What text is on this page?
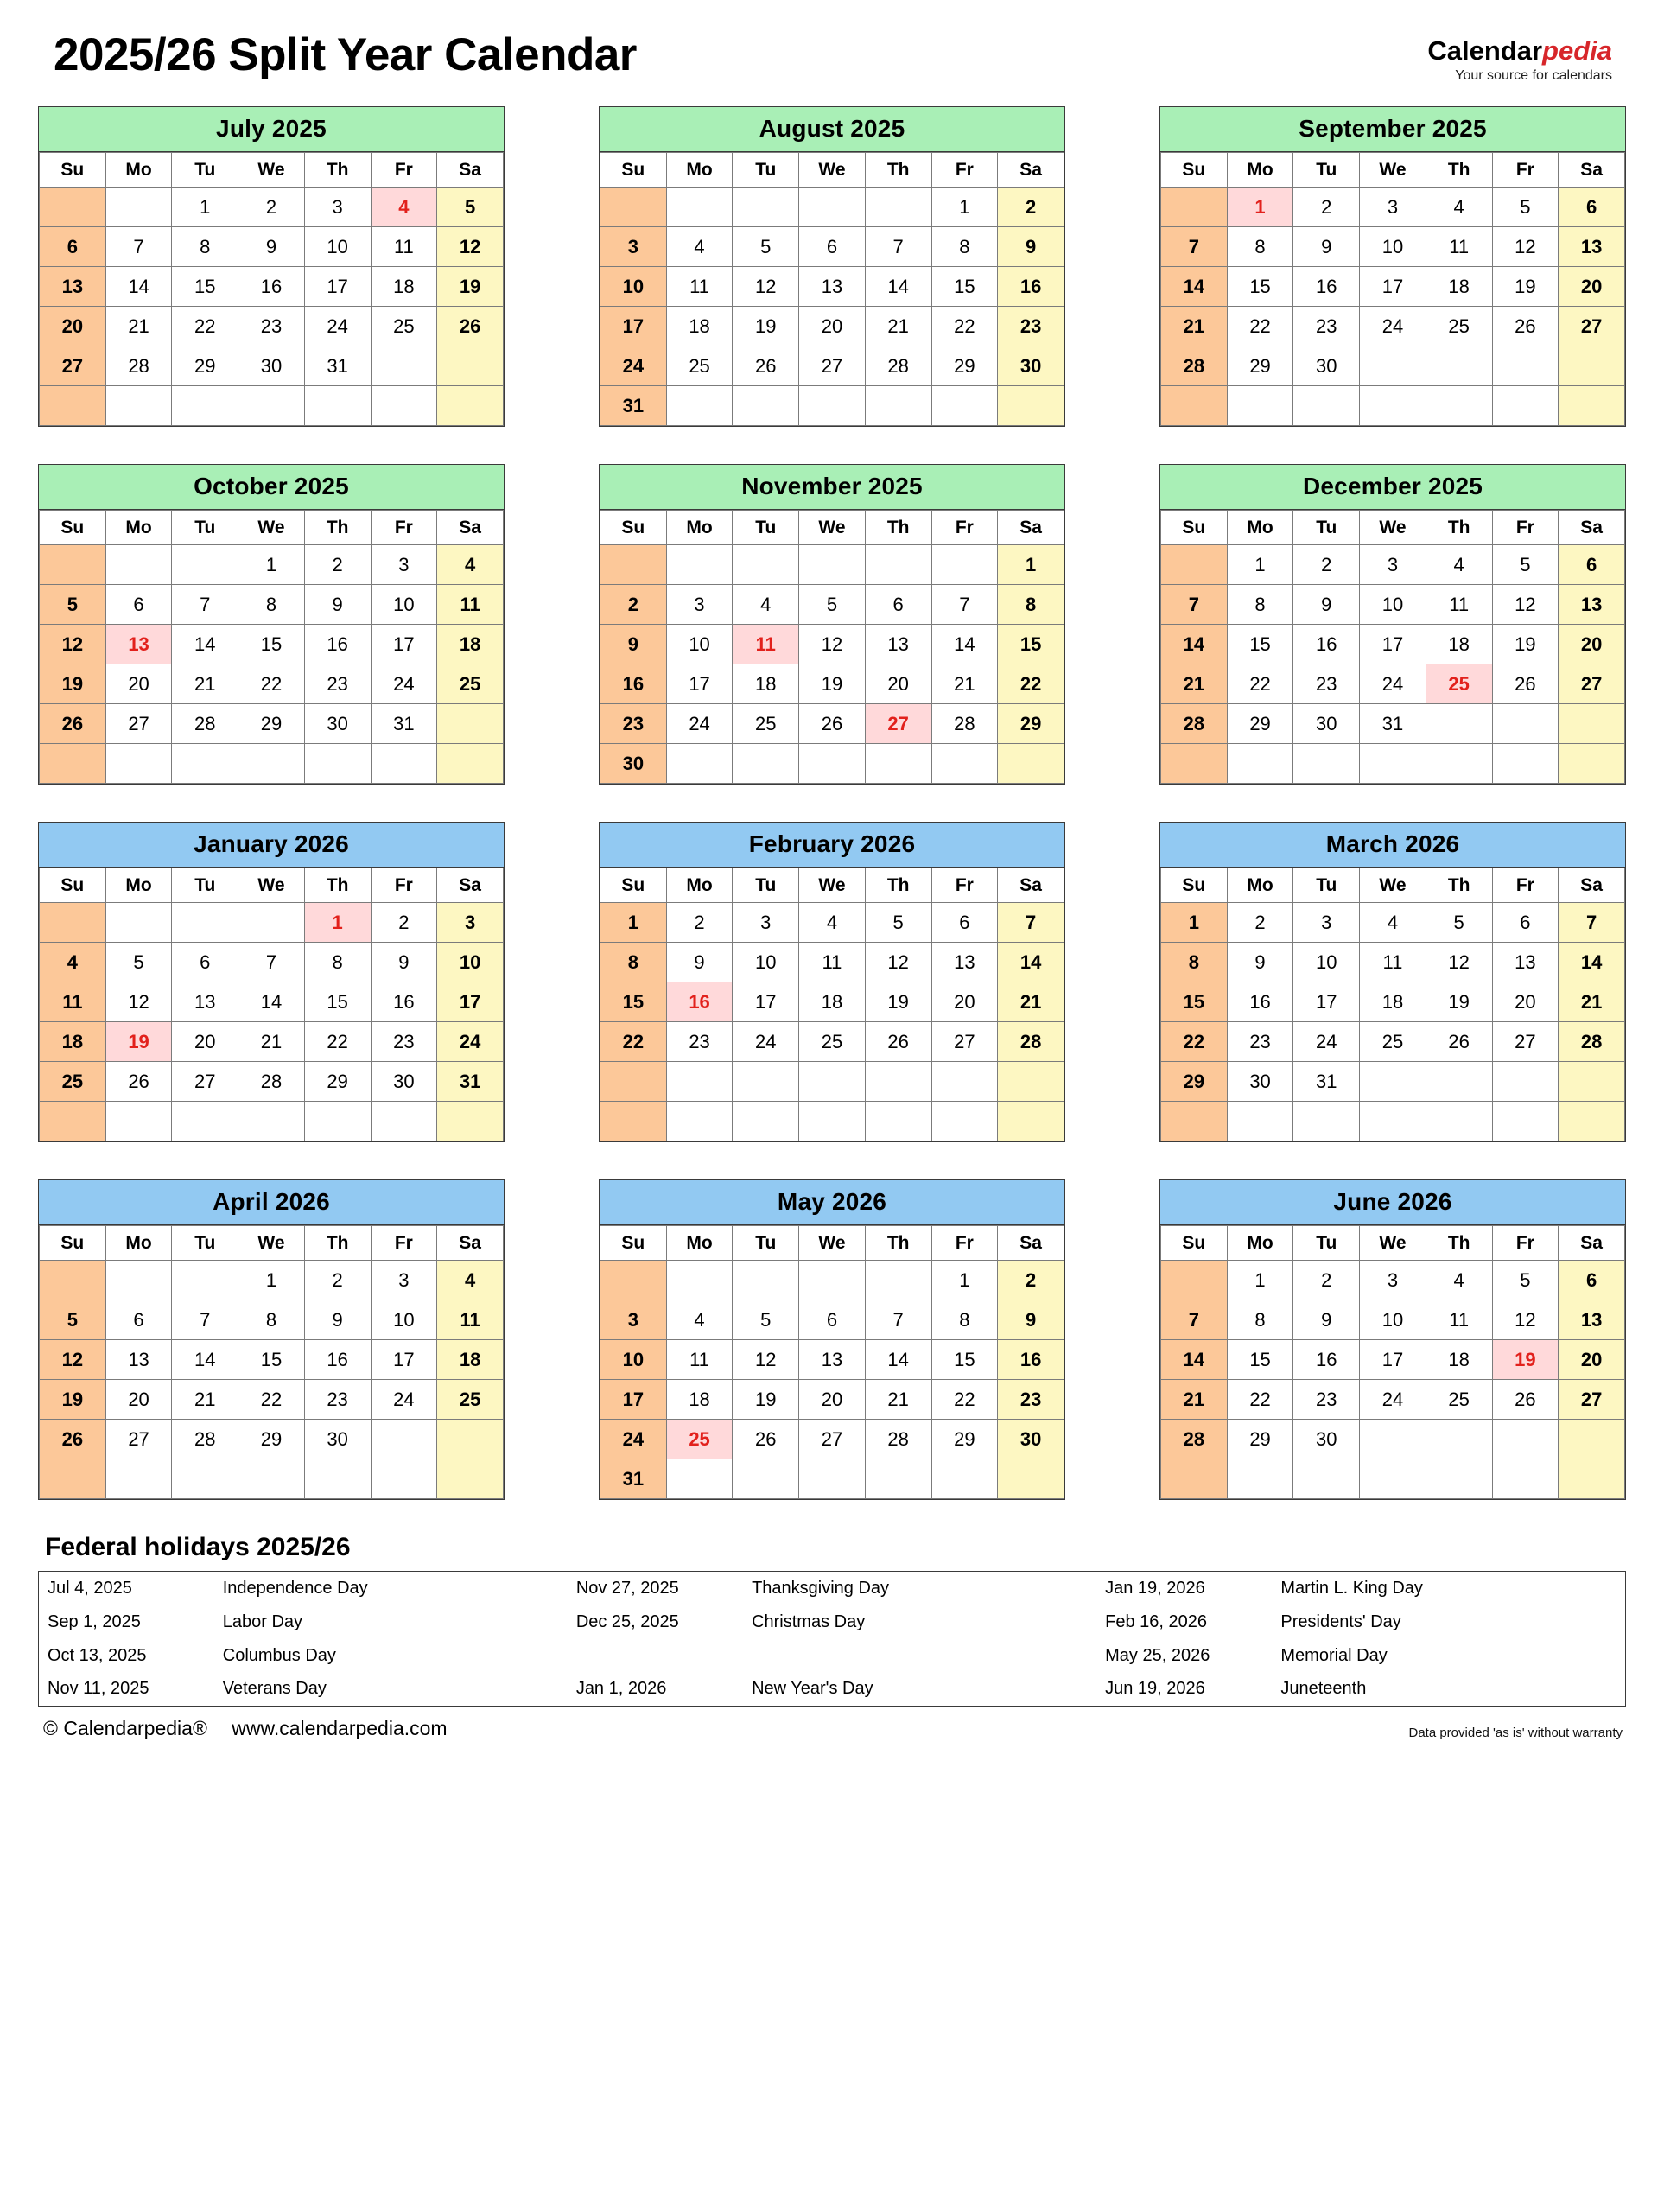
2025/26 Split Year Calendar	Calendarpedia
Your source for calendars
July 2025
Su	Mo	Tu	We	Th	Fr	Sa
		1	2	3	4	5
6	7	8	9	10	11	12
13	14	15	16	17	18	19
20	21	22	23	24	25	26
27	28	29	30	31		

August 2025
Su	Mo	Tu	We	Th	Fr	Sa
					1	2
3	4	5	6	7	8	9
10	11	12	13	14	15	16
17	18	19	20	21	22	23
24	25	26	27	28	29	30
31						
September 2025
Su	Mo	Tu	We	Th	Fr	Sa
	1	2	3	4	5	6
7	8	9	10	11	12	13
14	15	16	17	18	19	20
21	22	23	24	25	26	27
28	29	30				

October 2025
Su	Mo	Tu	We	Th	Fr	Sa
			1	2	3	4
5	6	7	8	9	10	11
12	13	14	15	16	17	18
19	20	21	22	23	24	25
26	27	28	29	30	31	

November 2025
Su	Mo	Tu	We	Th	Fr	Sa
						1
2	3	4	5	6	7	8
9	10	11	12	13	14	15
16	17	18	19	20	21	22
23	24	25	26	27	28	29
30						
December 2025
Su	Mo	Tu	We	Th	Fr	Sa
	1	2	3	4	5	6
7	8	9	10	11	12	13
14	15	16	17	18	19	20
21	22	23	24	25	26	27
28	29	30	31			

January 2026
Su	Mo	Tu	We	Th	Fr	Sa
				1	2	3
4	5	6	7	8	9	10
11	12	13	14	15	16	17
18	19	20	21	22	23	24
25	26	27	28	29	30	31

February 2026
Su	Mo	Tu	We	Th	Fr	Sa
1	2	3	4	5	6	7
8	9	10	11	12	13	14
15	16	17	18	19	20	21
22	23	24	25	26	27	28

March 2026
Su	Mo	Tu	We	Th	Fr	Sa
1	2	3	4	5	6	7
8	9	10	11	12	13	14
15	16	17	18	19	20	21
22	23	24	25	26	27	28
29	30	31				

April 2026
Su	Mo	Tu	We	Th	Fr	Sa
			1	2	3	4
5	6	7	8	9	10	11
12	13	14	15	16	17	18
19	20	21	22	23	24	25
26	27	28	29	30		

May 2026
Su	Mo	Tu	We	Th	Fr	Sa
					1	2
3	4	5	6	7	8	9
10	11	12	13	14	15	16
17	18	19	20	21	22	23
24	25	26	27	28	29	30
31						
June 2026
Su	Mo	Tu	We	Th	Fr	Sa
	1	2	3	4	5	6
7	8	9	10	11	12	13
14	15	16	17	18	19	20
21	22	23	24	25	26	27
28	29	30				

Federal holidays 2025/26
Jul 4, 2025	Independence Day	Nov 27, 2025	Thanksgiving Day	Jan 19, 2026	Martin L. King Day
Sep 1, 2025	Labor Day	Dec 25, 2025	Christmas Day	Feb 16, 2026	Presidents' Day
Oct 13, 2025	Columbus Day			May 25, 2026	Memorial Day
Nov 11, 2025	Veterans Day	Jan 1, 2026	New Year's Day	Jun 19, 2026	Juneteenth
© Calendarpedia® www.calendarpedia.com	Data provided 'as is' without warranty
